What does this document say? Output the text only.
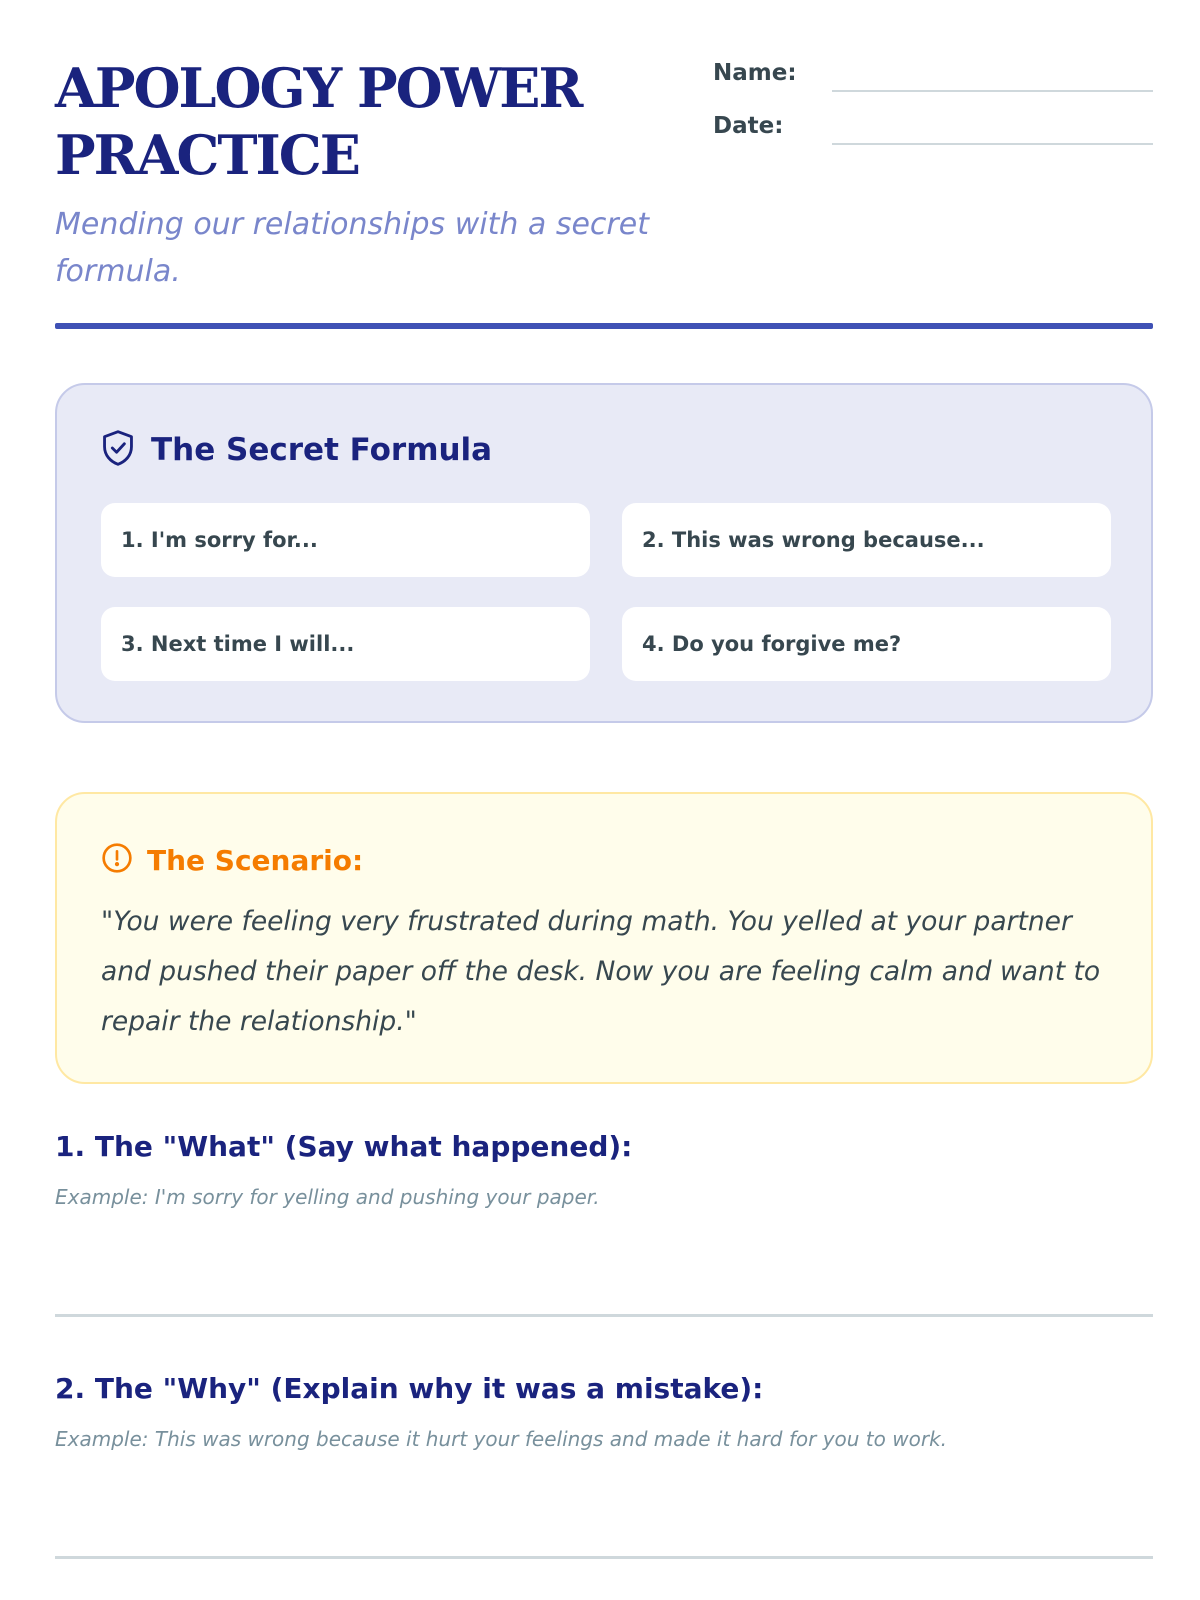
APOLOGY POWER PRACTICE

Mending our relationships with a secret formula.

Name:
Date:
The Secret Formula
1. I'm sorry for...	2. This was wrong because...
3. Next time I will...	4. Do you forgive me?
The Scenario:

"You were feeling very frustrated during math. You yelled at your partner and pushed their paper off the desk. Now you are feeling calm and want to repair the relationship."

1. The "What" (Say what happened):

Example: I'm sorry for yelling and pushing your paper.

2. The "Why" (Explain why it was a mistake):

Example: This was wrong because it hurt your feelings and made it hard for you to work.
